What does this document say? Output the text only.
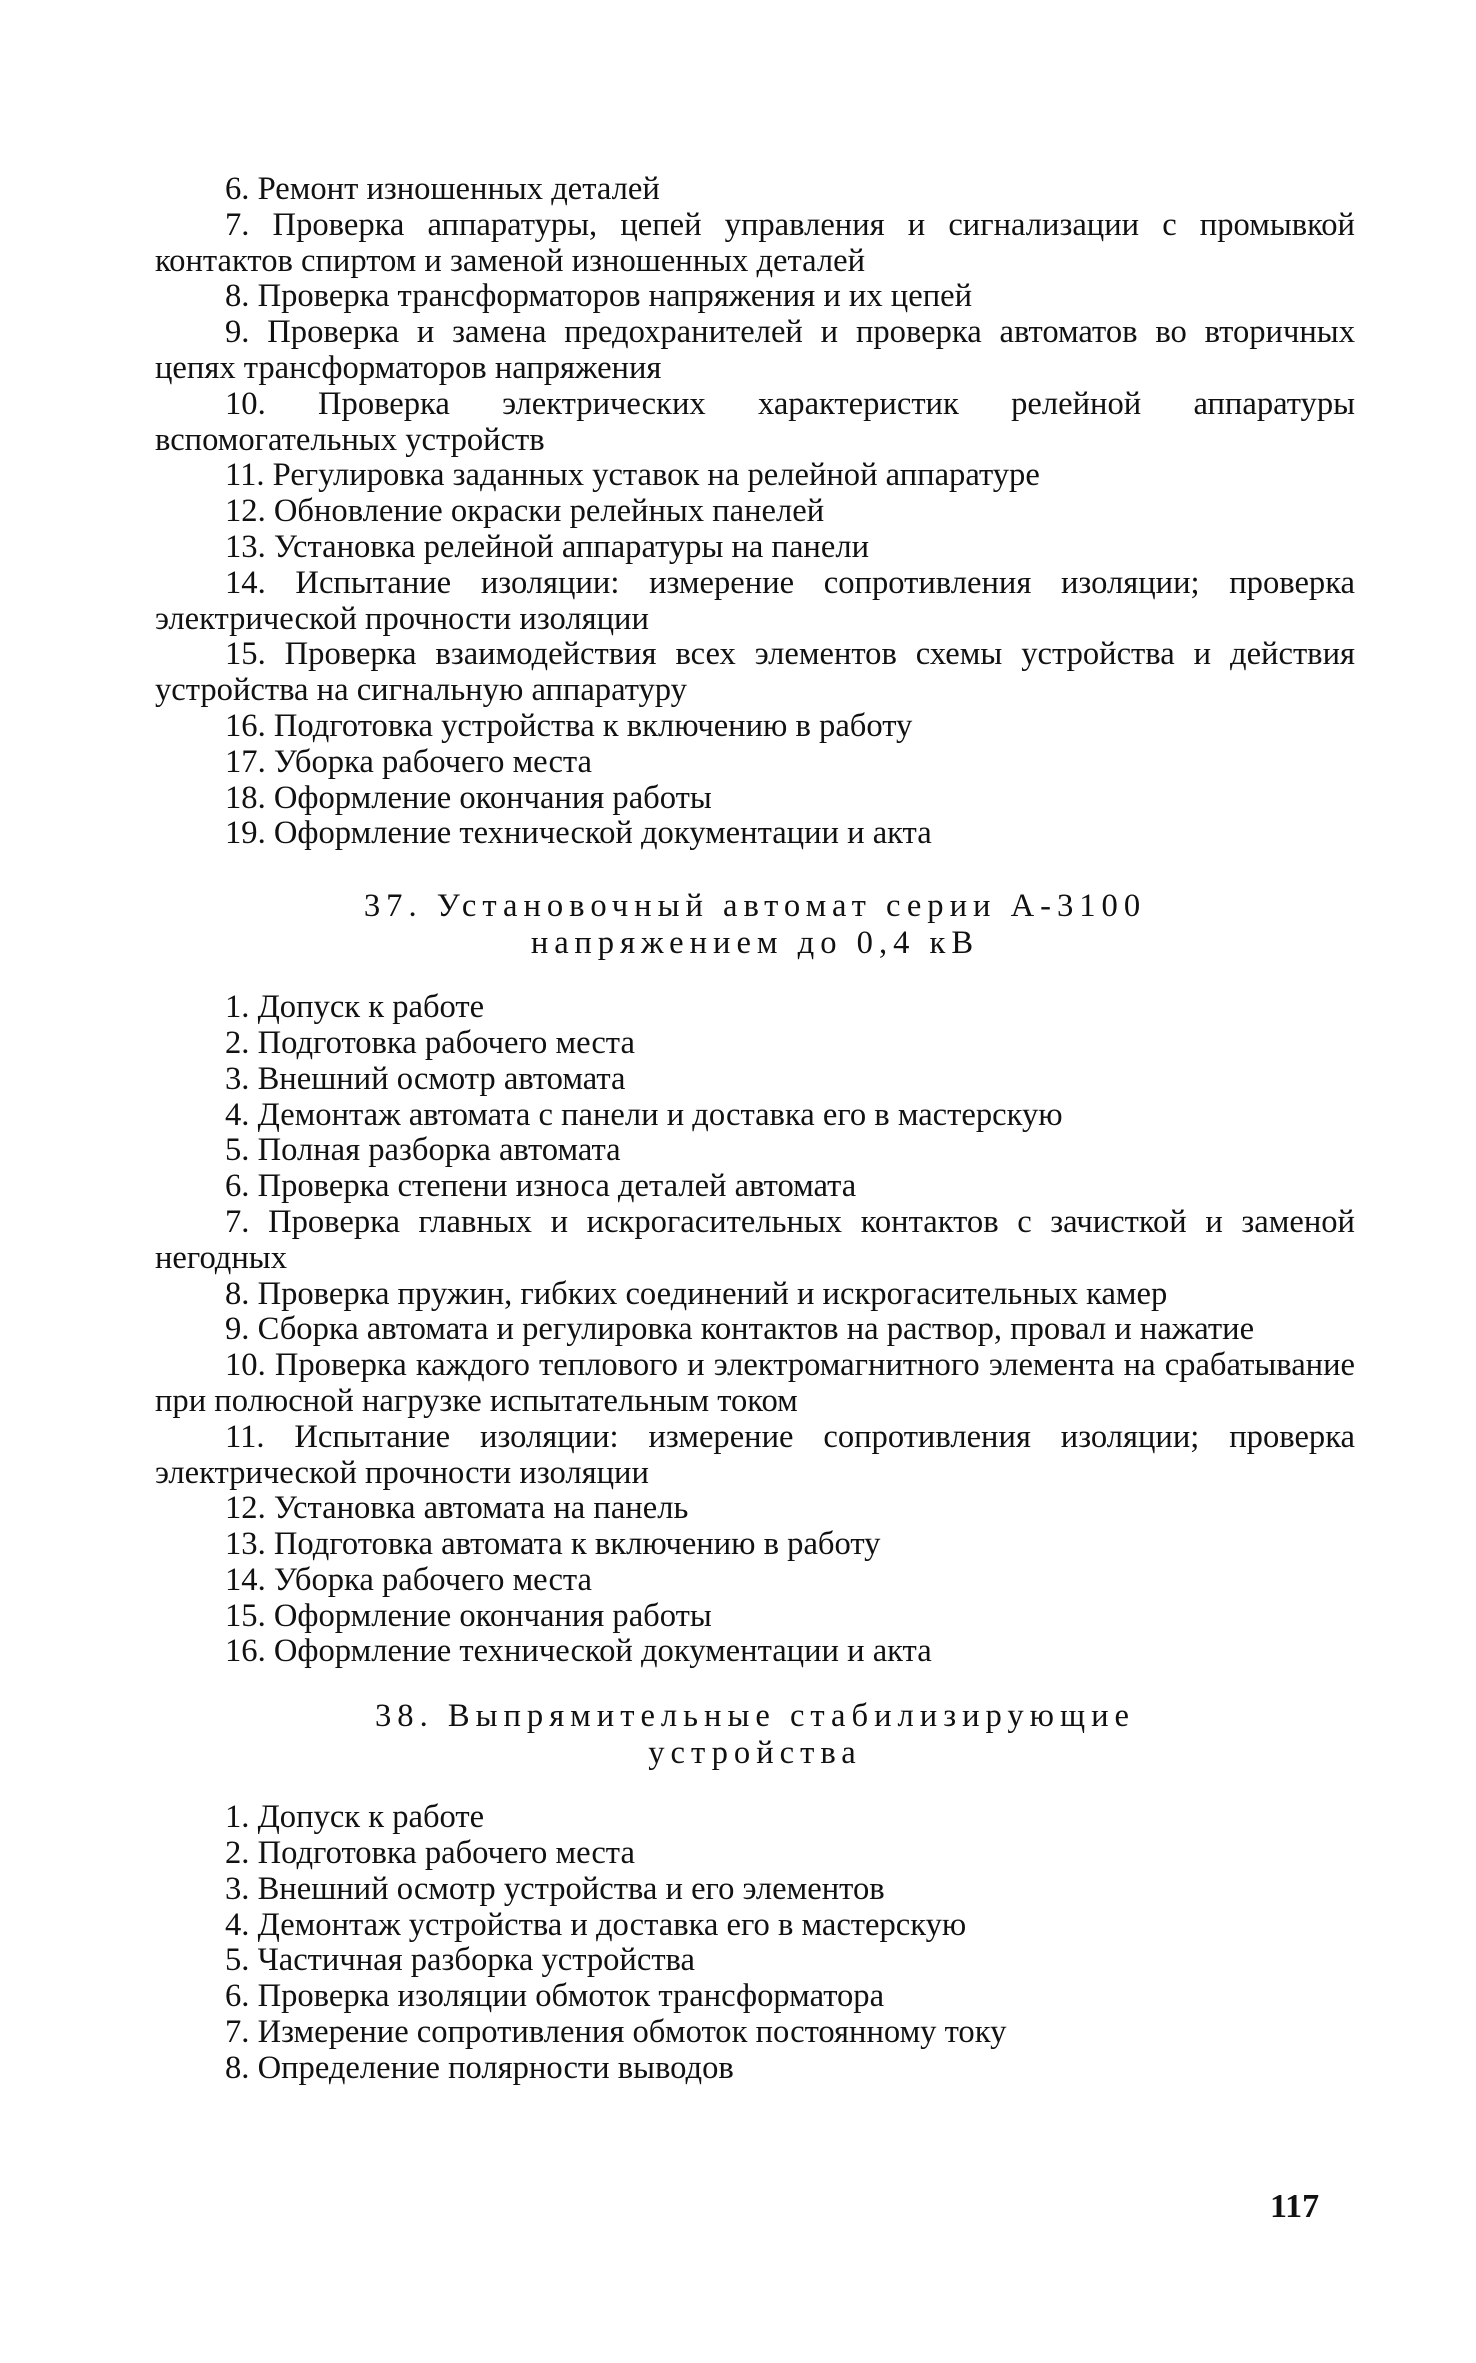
6. Ремонт изношенных деталей

7. Проверка аппаратуры, цепей управления и сигнализации с промывкой контактов спиртом и заменой изношенных деталей

8. Проверка трансформаторов напряжения и их цепей

9. Проверка и замена предохранителей и проверка автоматов во вторичных цепях трансформаторов напряжения

10. Проверка электрических характеристик релейной аппаратуры вспомогательных устройств

11. Регулировка заданных уставок на релейной аппаратуре

12. Обновление окраски релейных панелей

13. Установка релейной аппаратуры на панели

14. Испытание изоляции: измерение сопротивления изоляции; проверка электрической прочности изоляции

15. Проверка взаимодействия всех элементов схемы устройства и действия устройства на сигнальную аппаратуру

16. Подготовка устройства к включению в работу

17. Уборка рабочего места

18. Оформление окончания работы

19. Оформление технической документации и акта

37. Установочный автомат серии А-3100
напряжением до 0,4 кВ

1. Допуск к работе

2. Подготовка рабочего места

3. Внешний осмотр автомата

4. Демонтаж автомата с панели и доставка его в мастерскую

5. Полная разборка автомата

6. Проверка степени износа деталей автомата

7. Проверка главных и искрогасительных контактов с зачисткой и заменой негодных

8. Проверка пружин, гибких соединений и искрогасительных камер

9. Сборка автомата и регулировка контактов на раствор, провал и нажатие

10. Проверка каждого теплового и электромагнитного элемента на срабатывание при полюсной нагрузке испытательным током

11. Испытание изоляции: измерение сопротивления изоляции; проверка электрической прочности изоляции

12. Установка автомата на панель

13. Подготовка автомата к включению в работу

14. Уборка рабочего места

15. Оформление окончания работы

16. Оформление технической документации и акта

38. Выпрямительные стабилизирующие
устройства

1. Допуск к работе

2. Подготовка рабочего места

3. Внешний осмотр устройства и его элементов

4. Демонтаж устройства и доставка его в мастерскую

5. Частичная разборка устройства

6. Проверка изоляции обмоток трансформатора

7. Измерение сопротивления обмоток постоянному току

8. Определение полярности выводов

117
